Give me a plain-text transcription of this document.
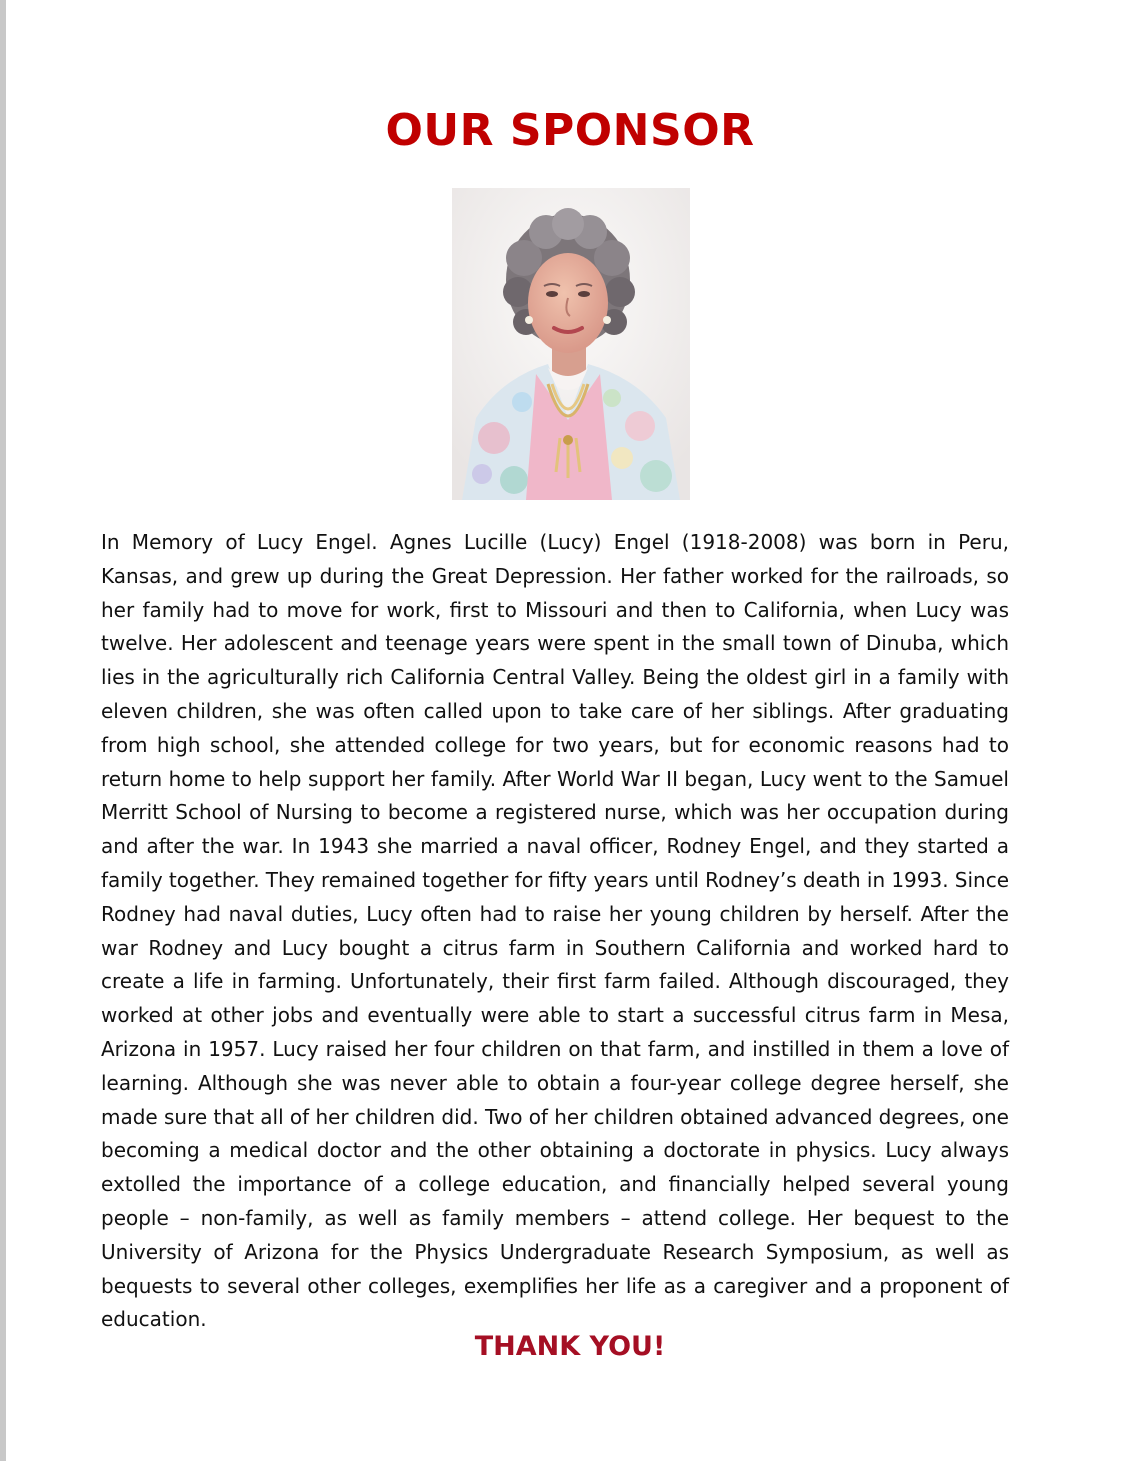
OUR SPONSOR

In Memory of Lucy Engel. Agnes Lucille (Lucy) Engel (1918-2008) was born in Peru, Kansas, and grew up during the Great Depression. Her father worked for the railroads, so her family had to move for work, first to Missouri and then to California, when Lucy was twelve. Her adolescent and teenage years were spent in the small town of Dinuba, which lies in the agriculturally rich California Central Valley. Being the oldest girl in a family with eleven children, she was often called upon to take care of her siblings. After graduating from high school, she attended college for two years, but for economic reasons had to return home to help support her family. After World War II began, Lucy went to the Samuel Merritt School of Nursing to become a registered nurse, which was her occupation during and after the war. In 1943 she married a naval officer, Rodney Engel, and they started a family together. They remained together for fifty years until Rodney’s death in 1993. Since Rodney had naval duties, Lucy often had to raise her young children by herself. After the war Rodney and Lucy bought a citrus farm in Southern California and worked hard to create a life in farming. Unfortunately, their first farm failed. Although discouraged, they worked at other jobs and eventually were able to start a successful citrus farm in Mesa, Arizona in 1957. Lucy raised her four children on that farm, and instilled in them a love of learning. Although she was never able to obtain a four-year college degree herself, she made sure that all of her children did. Two of her children obtained advanced degrees, one becoming a medical doctor and the other obtaining a doctorate in physics. Lucy always extolled the importance of a college education, and financially helped several young people – non-family, as well as family members – attend college. Her bequest to the University of Arizona for the Physics Undergraduate Research Symposium, as well as bequests to several other colleges, exemplifies her life as a caregiver and a proponent of education.

THANK YOU!
